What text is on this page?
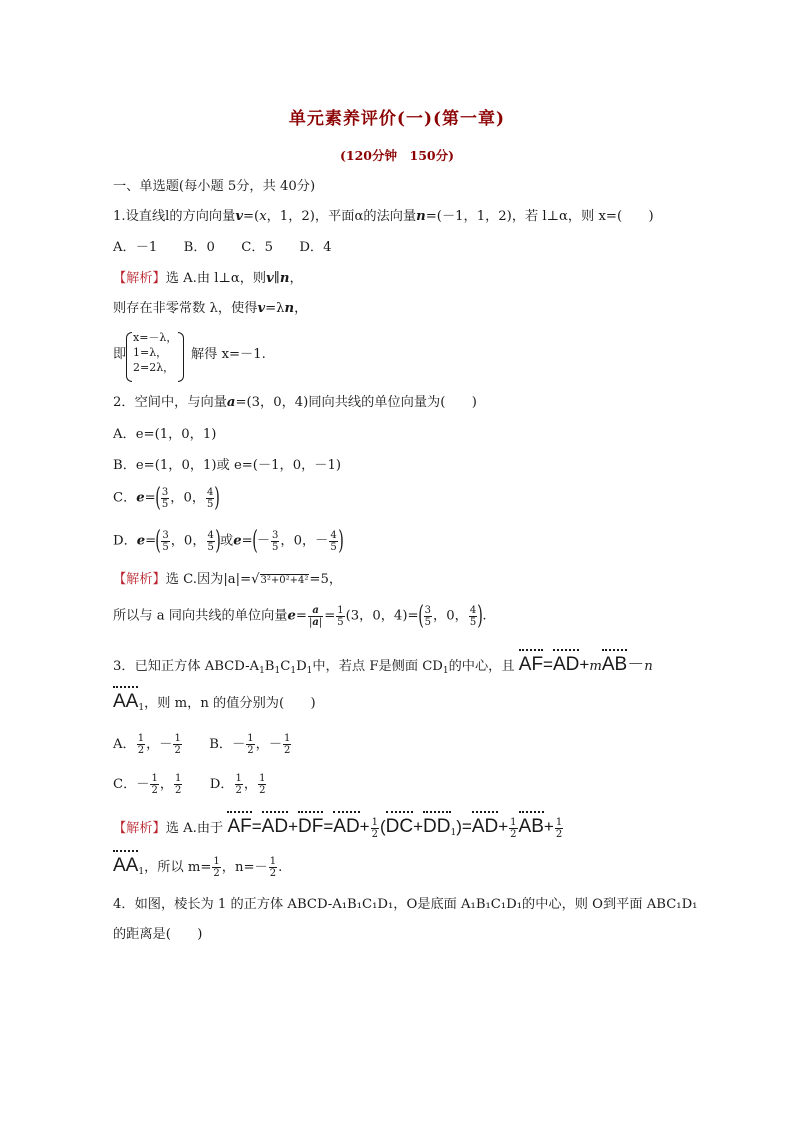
单元素养评价(一)(第一章)
(120分钟　150分)
一、单选题(每小题 5分，共 40分)
1.设直线l的方向向量v=(x，1，2)，平面α的法向量n=(－1，1，2)，若 l⊥α，则 x=(　　)
A．－1　　B．0　　C．5　　D．4
【解析】选 A.由 l⊥α，则v∥n，
则存在非零常数 λ，使得v=λn，
即
x=－λ，
1=λ，
2=2λ，
解得 x=－1.
2．空间中，与向量a=(3，0，4)同向共线的单位向量为(　　)
A．e=(1，0，1)
B．e=(1，0，1)或 e=(－1，0，－1)
C．$e=( \frac{3}{5}$ ，0， $\frac{4}{5}$ )
D．$e=( \frac{3}{5}$ ，0， $\frac{4}{5}$ )或$e=(- \frac{3}{5}$ ，0，－ $\frac{4}{5}$ )
【解析】选 C.因为|a|=√3²+0²+4²=5，
所以与 a 同向共线的单位向量$e= \frac{a}{|a|} = \frac{1}{5} (3$，0，$4)=( \frac{3}{5}$ ，0， $\frac{4}{5}$ ).
3．已知正方体 ABCD-$A_1B_1C_1D_1$中，若点 F是侧面 $CD_1$的中心，且 AF=AD+mAB－n
$AA_1$，则 m，n 的值分别为(　　)
A． $\frac{1}{2}$ ，－ $\frac{1}{2}$
　　 B．－ $\frac{1}{2}$ ，－ $\frac{1}{2}$
C．－ $\frac{1}{2}$ ， $\frac{1}{2}$
　　 D． $\frac{1}{2}$ ， $\frac{1}{2}$
【解析】选 A.由于 $AF=AD+DF=AD+ \frac{1}{2} (DC+DD_1)=AD+ \frac{1}{2} AB+ \frac{1}{2}$
$AA_1$，所以 $m= \frac{1}{2}$ ，$n=- \frac{1}{2}$ .
4．如图，棱长为 1 的正方体 ABCD-A₁B₁C₁D₁，O是底面 A₁B₁C₁D₁的中心，则 O到平面 ABC₁D₁
的距离是(　　)
